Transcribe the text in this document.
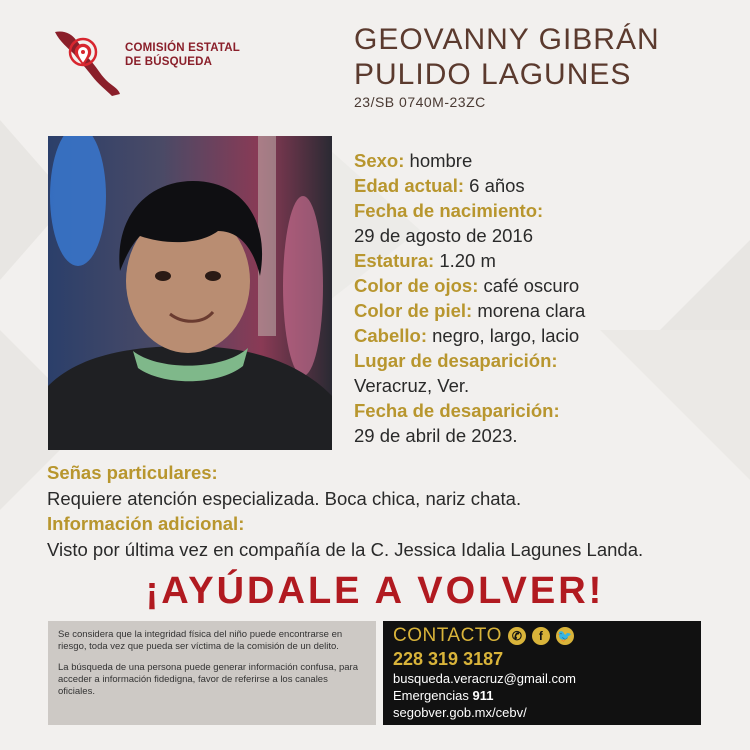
COMISIÓN ESTATAL
DE BÚSQUEDA
GEOVANNY GIBRÁN
PULIDO LAGUNES
23/SB 0740M-23ZC
Sexo: hombre
Edad actual: 6 años
Fecha de nacimiento:
29 de agosto de 2016
Estatura: 1.20 m
Color de ojos: café oscuro
Color de piel: morena clara
Cabello: negro, largo, lacio
Lugar de desaparición:
Veracruz, Ver.
Fecha de desaparición:
29 de abril de 2023.
Señas particulares:
Requiere atención especializada. Boca chica, nariz chata.
Información adicional:
Visto por última vez en compañía de la C. Jessica Idalia Lagunes Landa.
¡AYÚDALE A VOLVER!

Se considera que la integridad física del niño puede encontrarse en riesgo, toda vez que pueda ser víctima de la comisión de un delito.

La búsqueda de una persona puede generar información confusa, para acceder a información fidedigna, favor de referirse a los canales oficiales.

CONTACTO ✆	f	🐦
228 319 3187
busqueda.veracruz@gmail.com
Emergencias 911
segobver.gob.mx/cebv/
